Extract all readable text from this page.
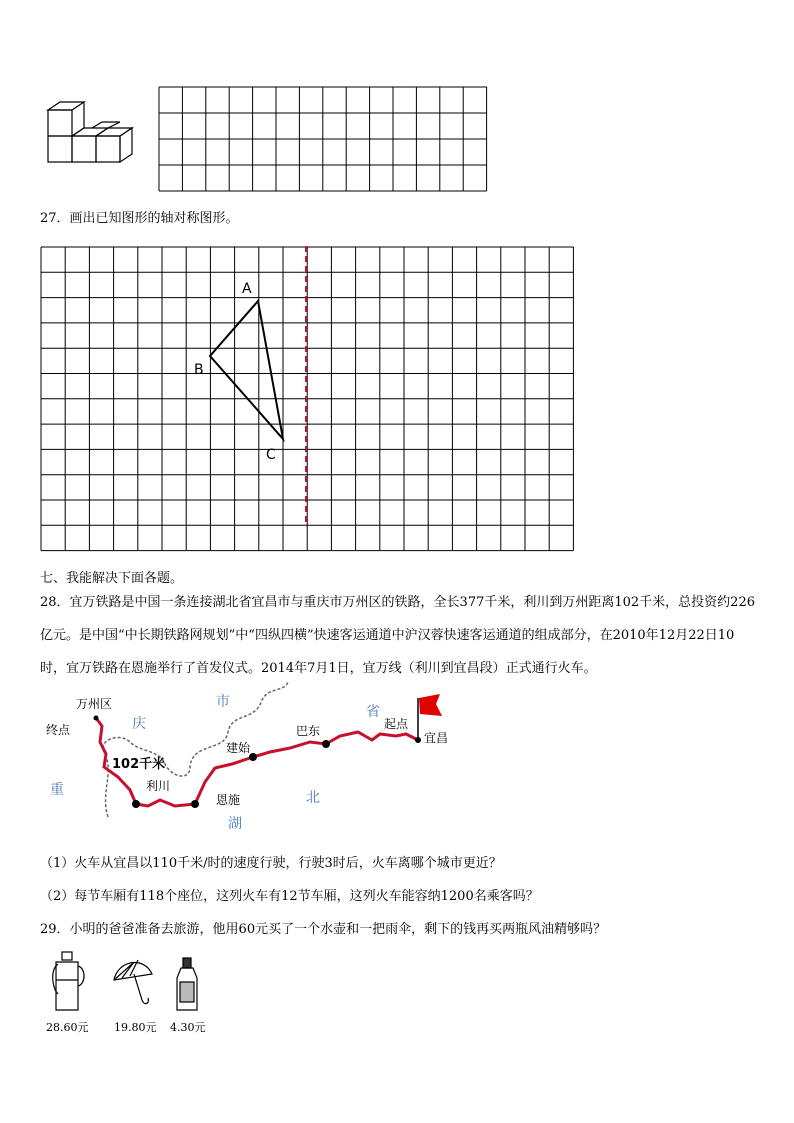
27．画出已知图形的轴对称图形。
A
B
C
七、我能解决下面各题。
28．宜万铁路是中国一条连接湖北省宜昌市与重庆市万州区的铁路，全长377千米，利川到万州距离102千米，总投资约226亿元。是中国“中长期铁路网规划”中“四纵四横”快速客运通道中沪汉蓉快速客运通道的组成部分，在2010年12月22日10时，宜万铁路在恩施举行了首发仪式。2014年7月1日，宜万线（利川到宜昌段）正式通行火车。
万州区
终点	庆
市
省
起点
宜昌
巴东
建始
102千米
利川
恩施
重	北
湖
（1）火车从宜昌以110千米/时的速度行驶，行驶3时后，火车离哪个城市更近？
（2）每节车厢有118个座位，这列火车有12节车厢，这列火车能容纳1200名乘客吗？
29．小明的爸爸准备去旅游，他用60元买了一个水壶和一把雨伞，剩下的钱再买两瓶风油精够吗？
28.60元 19.80元 4.30元
